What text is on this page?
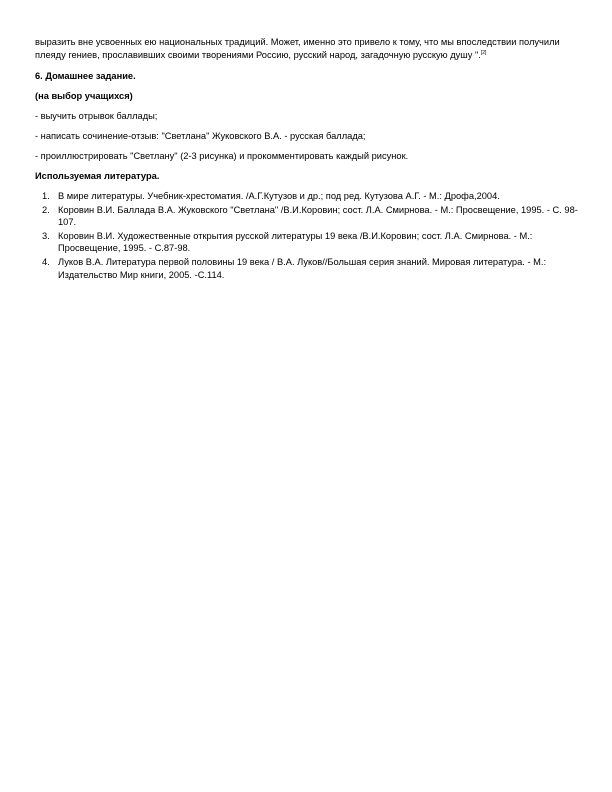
выразить вне усвоенных ею национальных традиций. Может, именно это привело к тому, что мы впоследствии получили плеяду гениев, прославивших своими творениями Россию, русский народ, загадочную русскую душу ".[2]

6. Домашнее задание.

(на выбор учащихся)

- выучить отрывок баллады;

- написать сочинение-отзыв: "Светлана" Жуковского В.А. - русская баллада;

- проиллюстрировать "Светлану" (2-3 рисунка) и прокомментировать каждый рисунок.

Используемая литература.

1. В мире литературы. Учебник-хрестоматия. /А.Г.Кутузов и др.; под ред. Кутузова А.Г. - М.: Дрофа,2004.
2. Коровин В.И. Баллада В.А. Жуковского "Светлана" /В.И.Коровин; сост. Л.А. Смирнова. - М.: Просвещение, 1995. - С. 98-107.
3. Коровин В.И. Художественные открытия русской литературы 19 века /В.И.Коровин; сост. Л.А. Смирнова. - М.: Просвещение, 1995. - С.87-98.
4. Луков В.А. Литература первой половины 19 века / В.А. Луков//Большая серия знаний. Мировая литература. - М.: Издательство Мир книги, 2005. -С.114.
